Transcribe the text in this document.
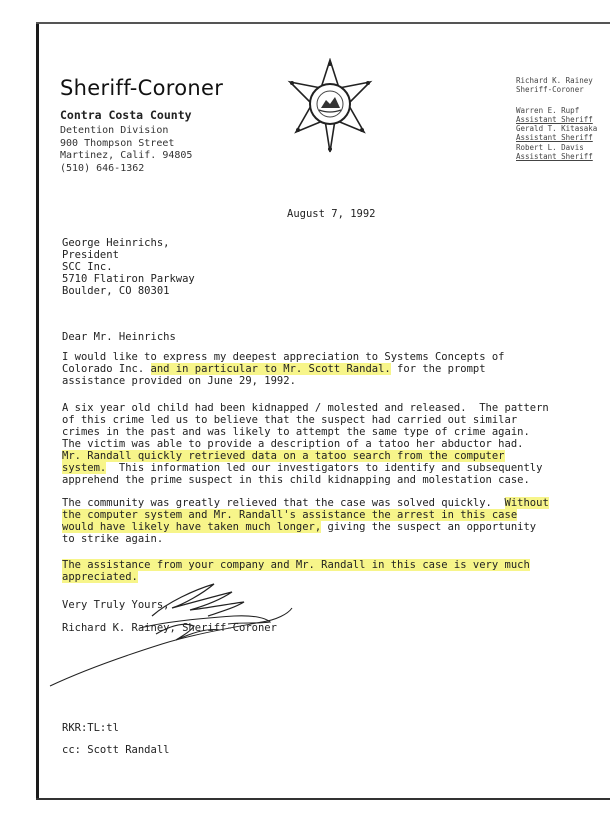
Sheriff-Coroner
Contra Costa County
Detention Division
900 Thompson Street
Martinez, Calif. 94805
(510) 646-1362
Richard K. Rainey
Sheriff-Coroner
Warren E. Rupf
Assistant Sheriff
Gerald T. Kitasaka
Assistant Sheriff
Robert L. Davis
Assistant Sheriff
August 7, 1992
George Heinrichs,
President
SCC Inc.
5710 Flatiron Parkway
Boulder, CO 80301
Dear Mr. Heinrichs
I would like to express my deepest appreciation to Systems Concepts of
Colorado Inc. and in particular to Mr. Scott Randal. for the prompt
assistance provided on June 29, 1992.
A six year old child had been kidnapped / molested and released.  The pattern
of this crime led us to believe that the suspect had carried out similar
crimes in the past and was likely to attempt the same type of crime again.
The victim was able to provide a description of a tatoo her abductor had.
Mr. Randall quickly retrieved data on a tatoo search from the computer
system.  This information led our investigators to identify and subsequently
apprehend the prime suspect in this child kidnapping and molestation case.
The community was greatly relieved that the case was solved quickly.  Without
the computer system and Mr. Randall's assistance the arrest in this case
would have likely have taken much longer, giving the suspect an opportunity
to strike again.
The assistance from your company and Mr. Randall in this case is very much
appreciated.
Very Truly Yours,
Richard K. Rainey, Sheriff-Coroner
RKR:TL:tl
cc: Scott Randall
